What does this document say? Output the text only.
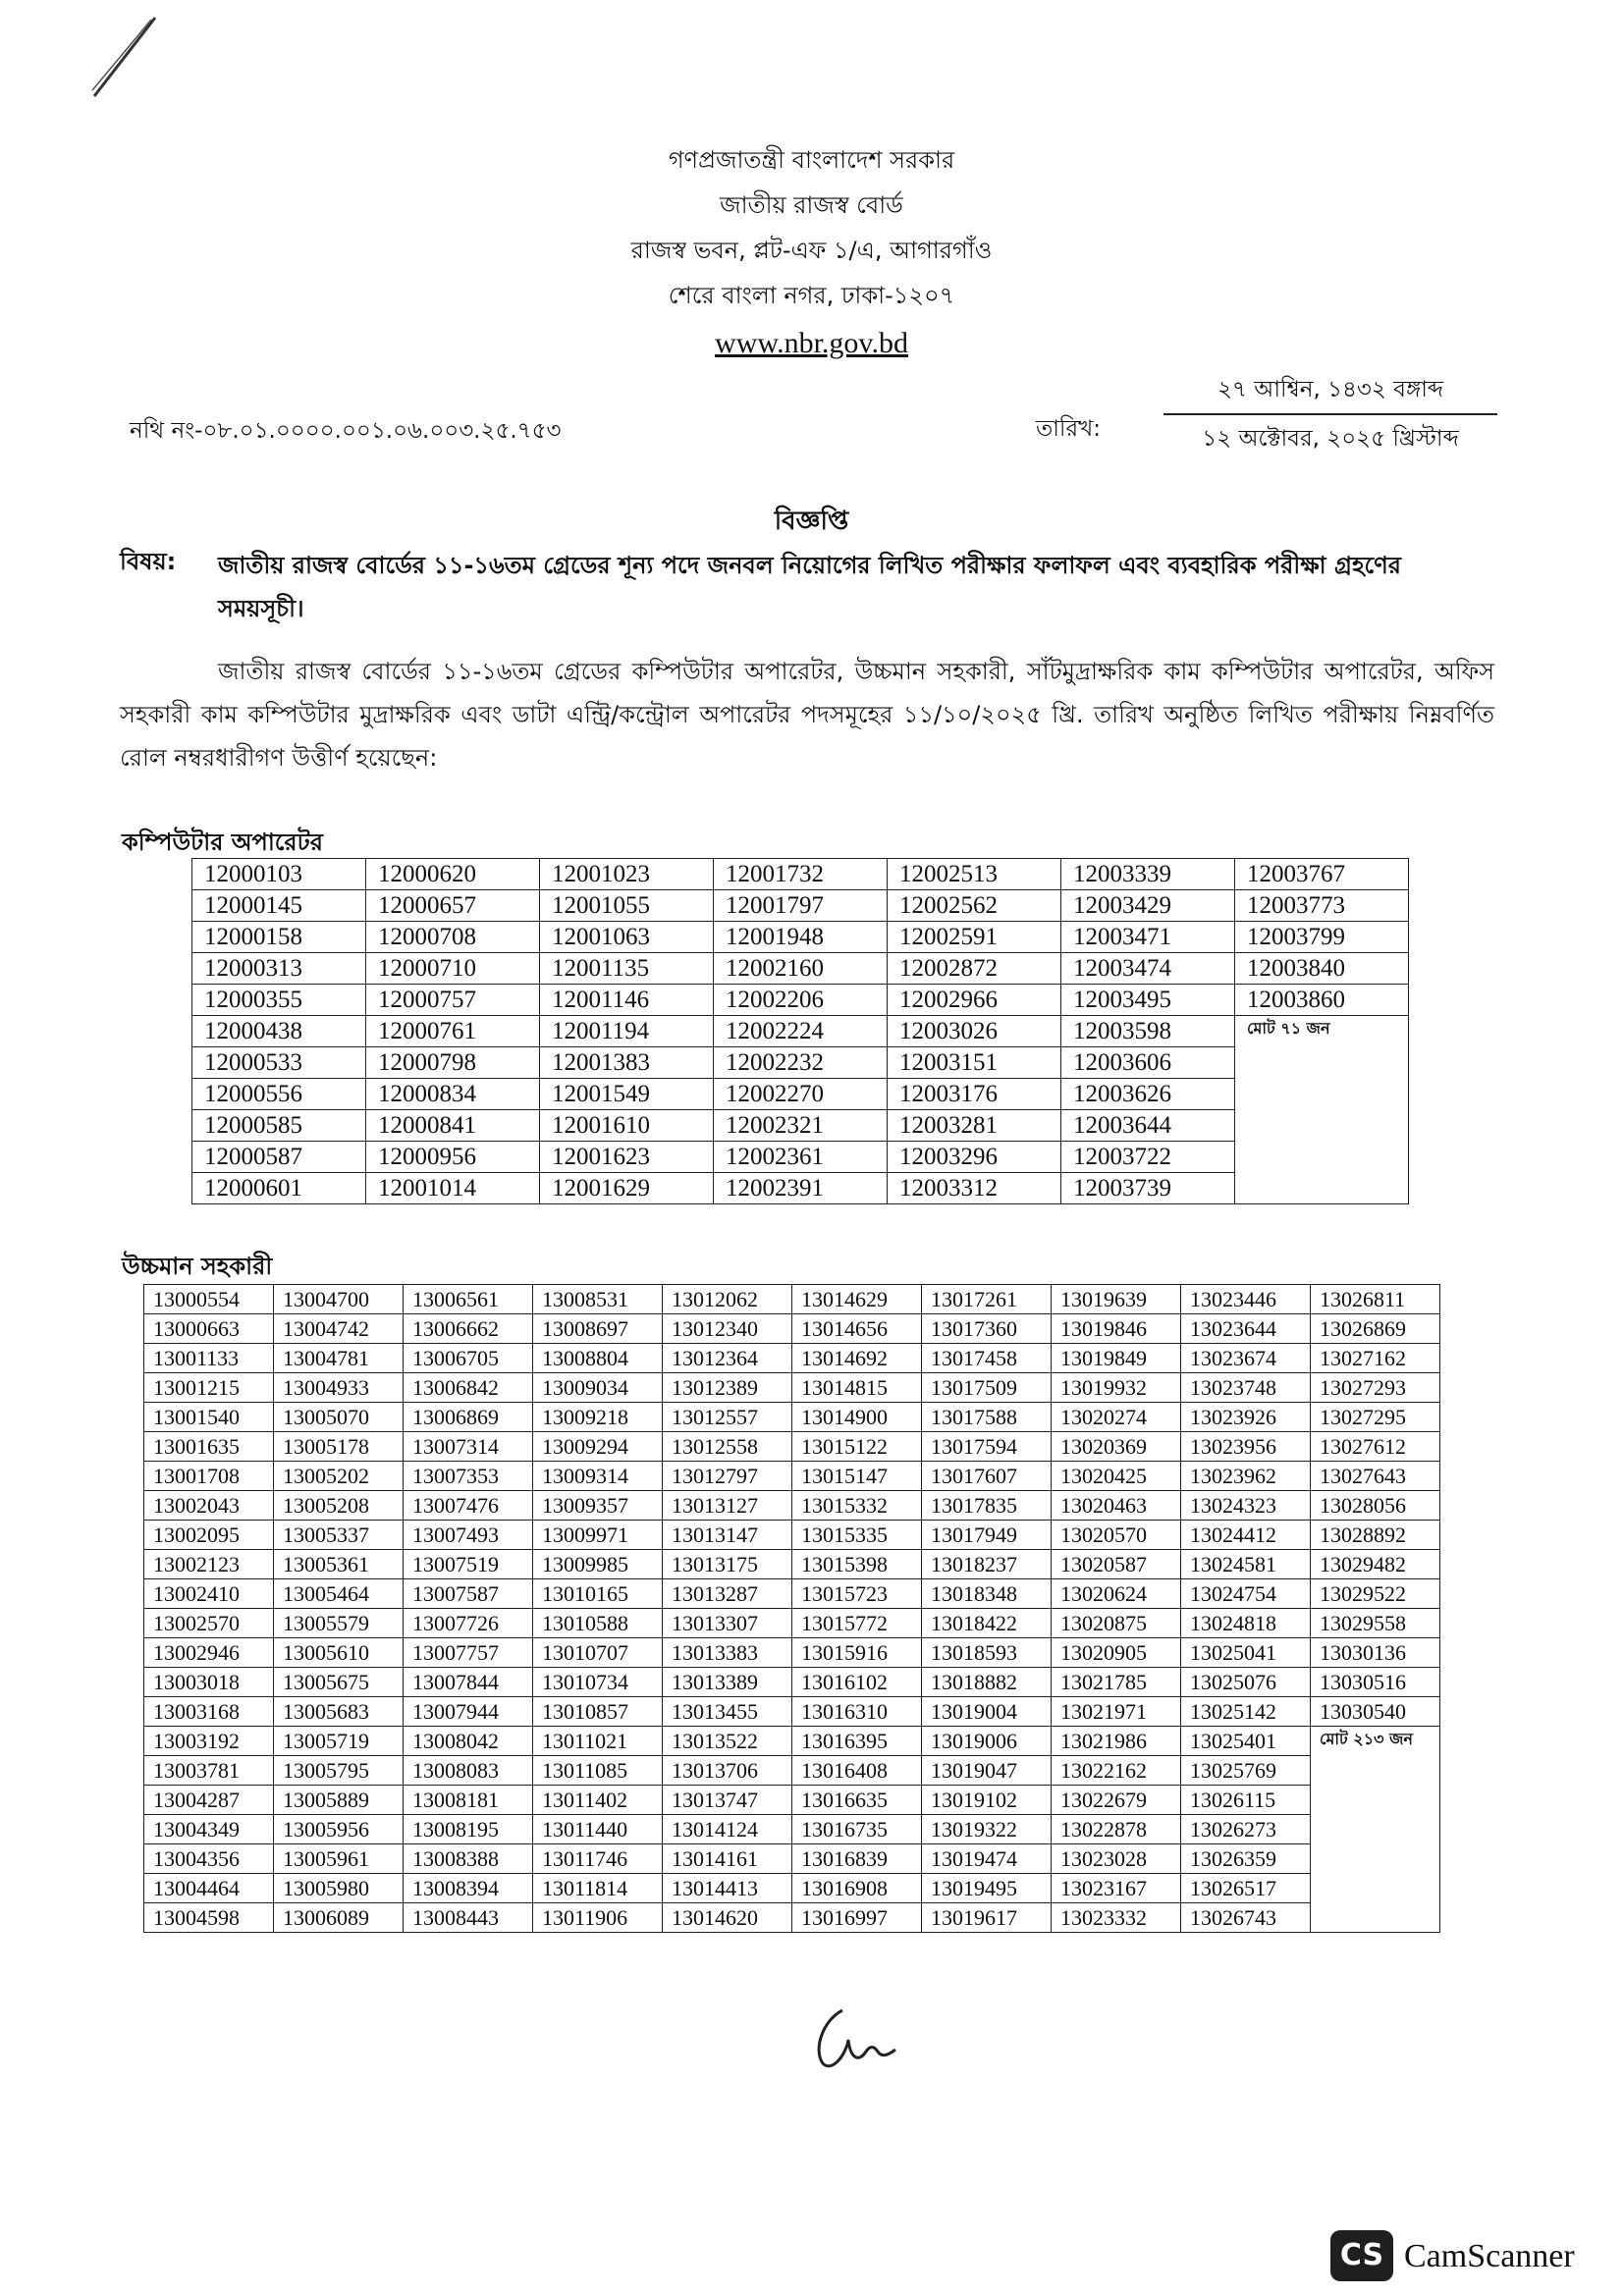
গণপ্রজাতন্ত্রী বাংলাদেশ সরকার
জাতীয় রাজস্ব বোর্ড
রাজস্ব ভবন, প্লট-এফ ১/এ, আগারগাঁও
শেরে বাংলা নগর, ঢাকা-১২০৭
www.nbr.gov.bd
নথি নং-০৮.০১.০০০০.০০১.০৬.০০৩.২৫.৭৫৩	তারিখ:
২৭ আশ্বিন, ১৪৩২ বঙ্গাব্দ
১২ অক্টোবর, ২০২৫ খ্রিস্টাব্দ
বিজ্ঞপ্তি
বিষয়: জাতীয় রাজস্ব বোর্ডের ১১-১৬তম গ্রেডের শূন্য পদে জনবল নিয়োগের লিখিত পরীক্ষার ফলাফল এবং ব্যবহারিক পরীক্ষা গ্রহণের সময়সূচী।
জাতীয় রাজস্ব বোর্ডের ১১-১৬তম গ্রেডের কম্পিউটার অপারেটর, উচ্চমান সহকারী, সাঁটমুদ্রাক্ষরিক কাম কম্পিউটার অপারেটর, অফিস সহকারী কাম কম্পিউটার মুদ্রাক্ষরিক এবং ডাটা এন্ট্রি/কন্ট্রোল অপারেটর পদসমূহের ১১/১০/২০২৫ খ্রি. তারিখ অনুষ্ঠিত লিখিত পরীক্ষায় নিম্নবর্ণিত রোল নম্বরধারীগণ উত্তীর্ণ হয়েছেন:
কম্পিউটার অপারেটর
12000103	12000620	12001023	12001732	12002513	12003339	12003767
12000145	12000657	12001055	12001797	12002562	12003429	12003773
12000158	12000708	12001063	12001948	12002591	12003471	12003799
12000313	12000710	12001135	12002160	12002872	12003474	12003840
12000355	12000757	12001146	12002206	12002966	12003495	12003860
12000438	12000761	12001194	12002224	12003026	12003598	মোট ৭১ জন
12000533	12000798	12001383	12002232	12003151	12003606	
12000556	12000834	12001549	12002270	12003176	12003626	
12000585	12000841	12001610	12002321	12003281	12003644	
12000587	12000956	12001623	12002361	12003296	12003722	
12000601	12001014	12001629	12002391	12003312	12003739	
উচ্চমান সহকারী
13000554	13004700	13006561	13008531	13012062	13014629	13017261	13019639	13023446	13026811
13000663	13004742	13006662	13008697	13012340	13014656	13017360	13019846	13023644	13026869
13001133	13004781	13006705	13008804	13012364	13014692	13017458	13019849	13023674	13027162
13001215	13004933	13006842	13009034	13012389	13014815	13017509	13019932	13023748	13027293
13001540	13005070	13006869	13009218	13012557	13014900	13017588	13020274	13023926	13027295
13001635	13005178	13007314	13009294	13012558	13015122	13017594	13020369	13023956	13027612
13001708	13005202	13007353	13009314	13012797	13015147	13017607	13020425	13023962	13027643
13002043	13005208	13007476	13009357	13013127	13015332	13017835	13020463	13024323	13028056
13002095	13005337	13007493	13009971	13013147	13015335	13017949	13020570	13024412	13028892
13002123	13005361	13007519	13009985	13013175	13015398	13018237	13020587	13024581	13029482
13002410	13005464	13007587	13010165	13013287	13015723	13018348	13020624	13024754	13029522
13002570	13005579	13007726	13010588	13013307	13015772	13018422	13020875	13024818	13029558
13002946	13005610	13007757	13010707	13013383	13015916	13018593	13020905	13025041	13030136
13003018	13005675	13007844	13010734	13013389	13016102	13018882	13021785	13025076	13030516
13003168	13005683	13007944	13010857	13013455	13016310	13019004	13021971	13025142	13030540
13003192	13005719	13008042	13011021	13013522	13016395	13019006	13021986	13025401	মোট ২১৩ জন
13003781	13005795	13008083	13011085	13013706	13016408	13019047	13022162	13025769	
13004287	13005889	13008181	13011402	13013747	13016635	13019102	13022679	13026115	
13004349	13005956	13008195	13011440	13014124	13016735	13019322	13022878	13026273	
13004356	13005961	13008388	13011746	13014161	13016839	13019474	13023028	13026359	
13004464	13005980	13008394	13011814	13014413	13016908	13019495	13023167	13026517	
13004598	13006089	13008443	13011906	13014620	13016997	13019617	13023332	13026743	
CS CamScanner
